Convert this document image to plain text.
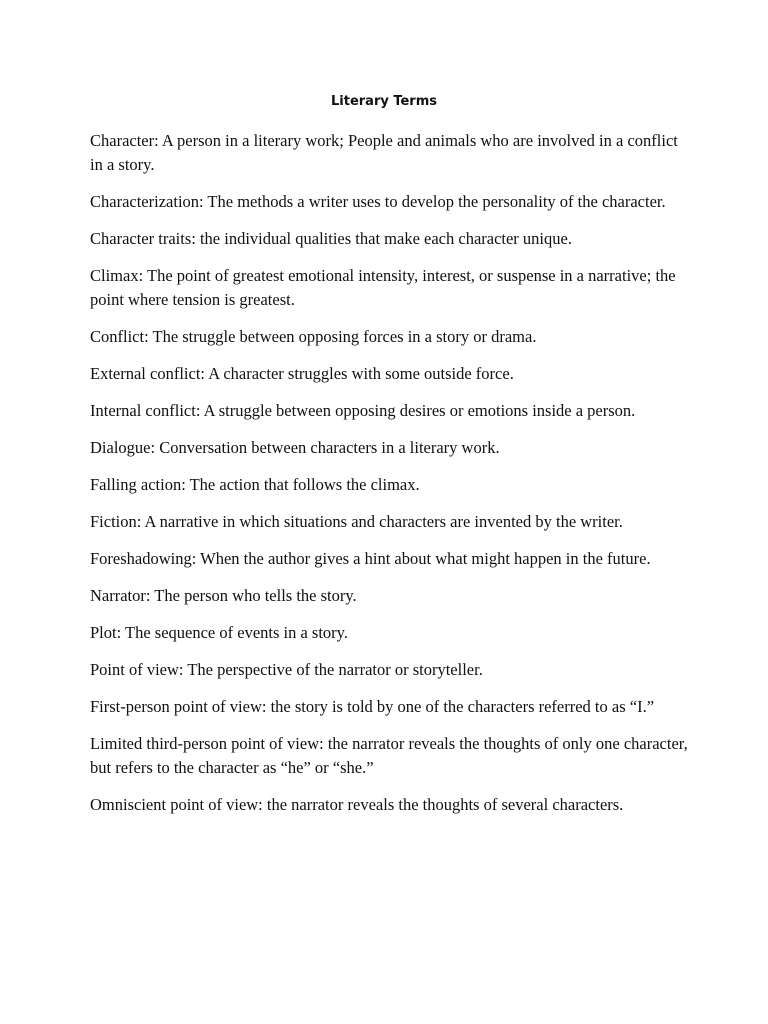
Literary Terms
Character: A person in a literary work; People and animals who are involved in a conflict in a story.
Characterization: The methods a writer uses to develop the personality of the character.
Character traits: the individual qualities that make each character unique.
Climax: The point of greatest emotional intensity, interest, or suspense in a narrative; the point where tension is greatest.
Conflict: The struggle between opposing forces in a story or drama.
External conflict: A character struggles with some outside force.
Internal conflict: A struggle between opposing desires or emotions inside a person.
Dialogue: Conversation between characters in a literary work.
Falling action: The action that follows the climax.
Fiction: A narrative in which situations and characters are invented by the writer.
Foreshadowing: When the author gives a hint about what might happen in the future.
Narrator: The person who tells the story.
Plot: The sequence of events in a story.
Point of view: The perspective of the narrator or storyteller.
First-person point of view: the story is told by one of the characters referred to as “I.”
Limited third-person point of view: the narrator reveals the thoughts of only one character, but refers to the character as “he” or “she.”
Omniscient point of view: the narrator reveals the thoughts of several characters.
